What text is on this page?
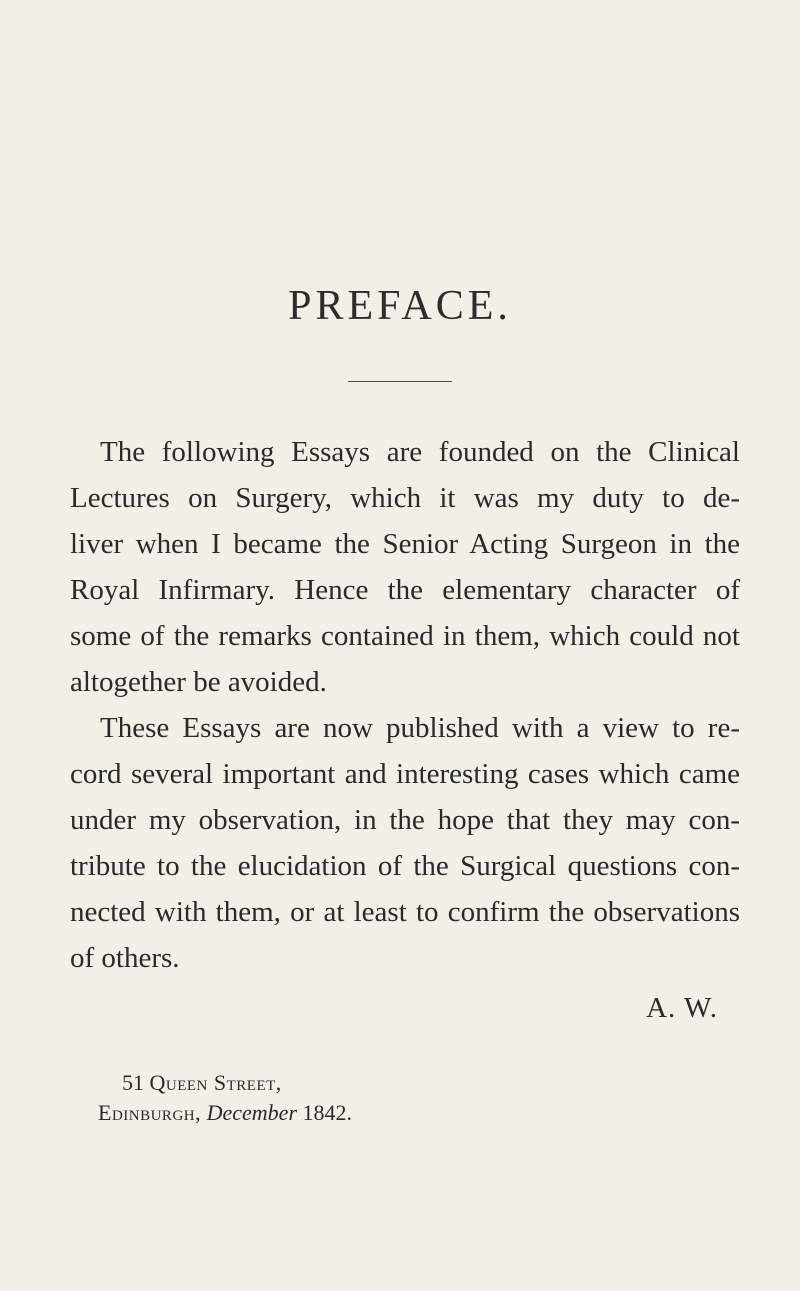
PREFACE.

The following Essays are founded on the Clinical
Lectures on Surgery, which it was my duty to de-
liver when I became the Senior Acting Surgeon in the
Royal Infirmary. Hence the elementary character of
some of the remarks contained in them, which could not
altogether be avoided.

These Essays are now published with a view to re-
cord several important and interesting cases which came
under my observation, in the hope that they may con-
tribute to the elucidation of the Surgical questions con-
nected with them, or at least to confirm the observations
of others.

A. W.
51 Queen Street,
Edinburgh, December 1842.
